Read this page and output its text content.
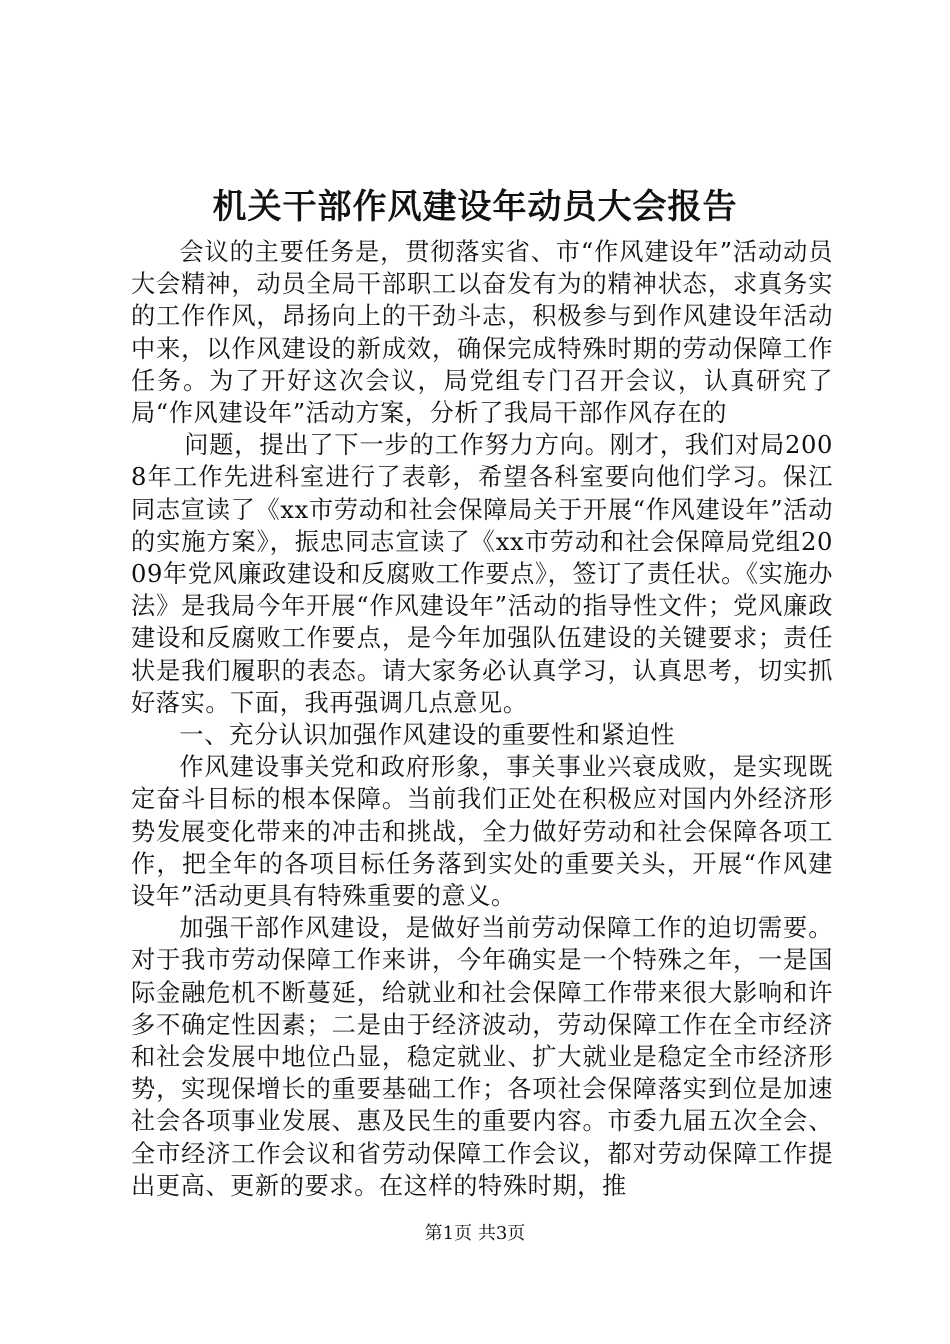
机关干部作风建设年动员大会报告

会议的主要任务是，贯彻落实省、市“作风建设年”活动动员大会精神，动员全局干部职工以奋发有为的精神状态，求真务实的工作作风，昂扬向上的干劲斗志，积极参与到作风建设年活动中来，以作风建设的新成效，确保完成特殊时期的劳动保障工作任务。为了开好这次会议，局党组专门召开会议，认真研究了局“作风建设年”活动方案，分析了我局干部作风存在的

问题，提出了下一步的工作努力方向。刚才，我们对局2008年工作先进科室进行了表彰，希望各科室要向他们学习。保江同志宣读了《xx市劳动和社会保障局关于开展“作风建设年”活动的实施方案》，振忠同志宣读了《xx市劳动和社会保障局党组2009年党风廉政建设和反腐败工作要点》，签订了责任状。《实施办法》是我局今年开展“作风建设年”活动的指导性文件；党风廉政建设和反腐败工作要点，是今年加强队伍建设的关键要求；责任状是我们履职的表态。请大家务必认真学习，认真思考，切实抓好落实。下面，我再强调几点意见。

一、充分认识加强作风建设的重要性和紧迫性

作风建设事关党和政府形象，事关事业兴衰成败，是实现既定奋斗目标的根本保障。当前我们正处在积极应对国内外经济形势发展变化带来的冲击和挑战，全力做好劳动和社会保障各项工作，把全年的各项目标任务落到实处的重要关头，开展“作风建设年”活动更具有特殊重要的意义。

加强干部作风建设，是做好当前劳动保障工作的迫切需要。对于我市劳动保障工作来讲，今年确实是一个特殊之年，一是国际金融危机不断蔓延，给就业和社会保障工作带来很大影响和许多不确定性因素；二是由于经济波动，劳动保障工作在全市经济和社会发展中地位凸显，稳定就业、扩大就业是稳定全市经济形势，实现保增长的重要基础工作；各项社会保障落实到位是加速社会各项事业发展、惠及民生的重要内容。市委九届五次全会、全市经济工作会议和省劳动保障工作会议，都对劳动保障工作提出更高、更新的要求。在这样的特殊时期，推

第1页 共3页
